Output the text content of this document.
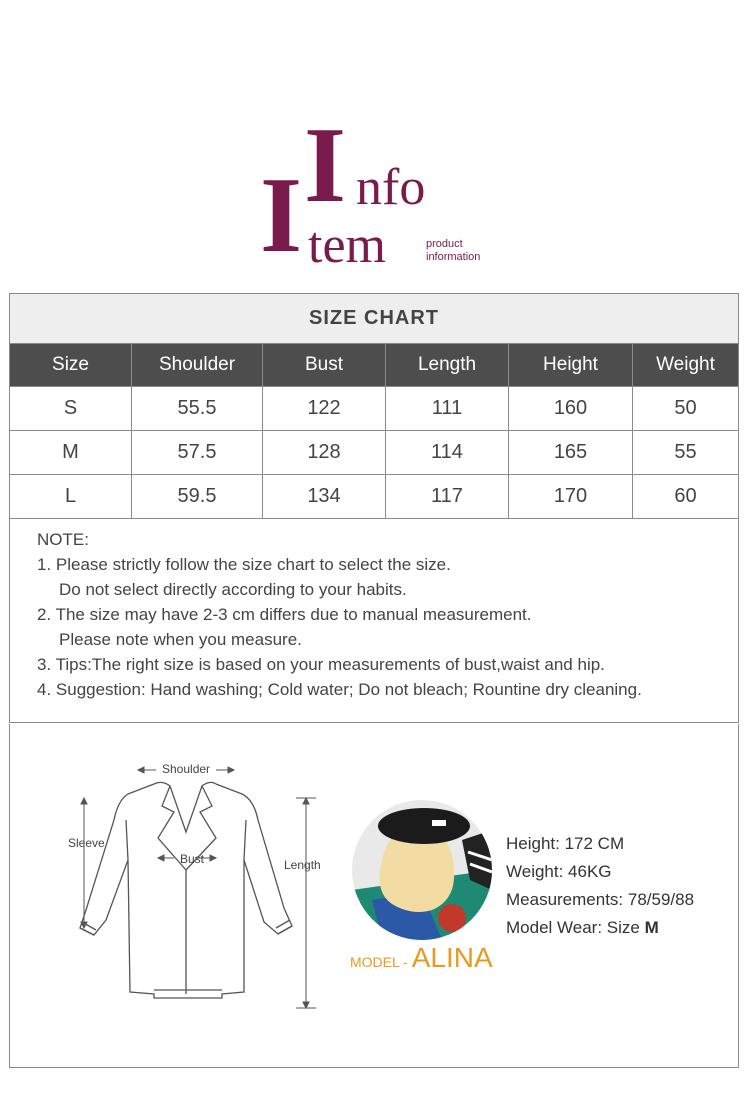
I nfo
I tem	product
information
SIZE CHART
Size	Shoulder	Bust	Length	Height	Weight
S	55.5	122	111	160	50
M	57.5	128	114	165	55
L	59.5	134	117	170	60
NOTE:
1. Please strictly follow the size chart to select the size.
Do not select directly according to your habits.
2. The size may have 2-3 cm differs due to manual measurement.
Please note when you measure.
3. Tips:The right size is based on your measurements of bust,waist and hip.
4. Suggestion: Hand washing; Cold water; Do not bleach; Rountine dry cleaning.
Shoulder
Sleeve
Bust	Length
MODEL - ALINA
Height: 172 CM
Weight: 46KG
Measurements: 78/59/88
Model Wear: Size M
